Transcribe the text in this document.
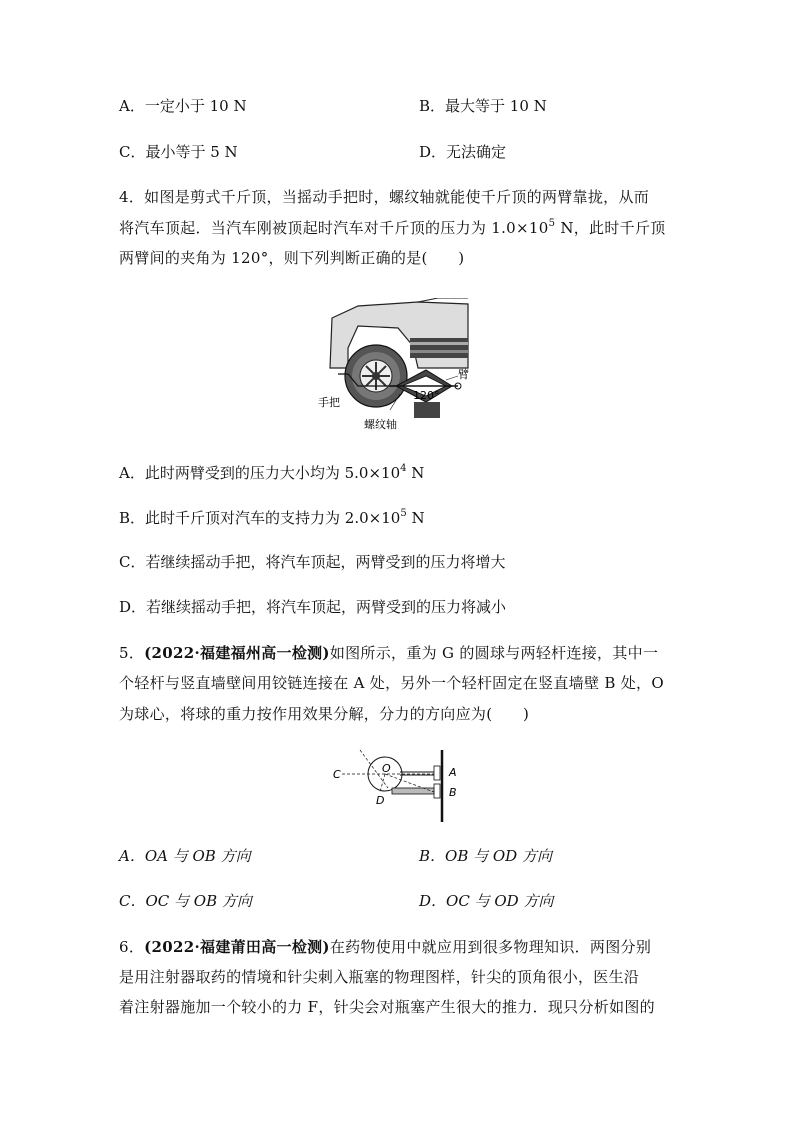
A．一定小于 10 N	B．最大等于 10 N
C．最小等于 5 N	D．无法确定
4．如图是剪式千斤顶，当摇动手把时，螺纹轴就能使千斤顶的两臂靠拢，从而
将汽车顶起．当汽车刚被顶起时汽车对千斤顶的压力为 $1.0\times 10^5$ N，此时千斤顶
两臂间的夹角为 120°，则下列判断正确的是(　　)
120°
臂
手把
螺纹轴
A．此时两臂受到的压力大小均为 $5.0\times 10^4$ N
B．此时千斤顶对汽车的支持力为 $2.0\times 10^5$ N
C．若继续摇动手把，将汽车顶起，两臂受到的压力将增大
D．若继续摇动手把，将汽车顶起，两臂受到的压力将减小
5．(2022·福建福州高一检测)如图所示，重为 G 的圆球与两轻杆连接，其中一
个轻杆与竖直墙壁间用铰链连接在 A 处，另外一个轻杆固定在竖直墙壁 B 处，O
为球心，将球的重力按作用效果分解，分力的方向应为(　　)
C	O	A
B
D
A．OA 与 OB 方向	B．OB 与 OD 方向
C．OC 与 OB 方向	D．OC 与 OD 方向
6．(2022·福建莆田高一检测)在药物使用中就应用到很多物理知识．两图分别
是用注射器取药的情境和针尖刺入瓶塞的物理图样，针尖的顶角很小，医生沿
着注射器施加一个较小的力 F，针尖会对瓶塞产生很大的推力．现只分析如图的
